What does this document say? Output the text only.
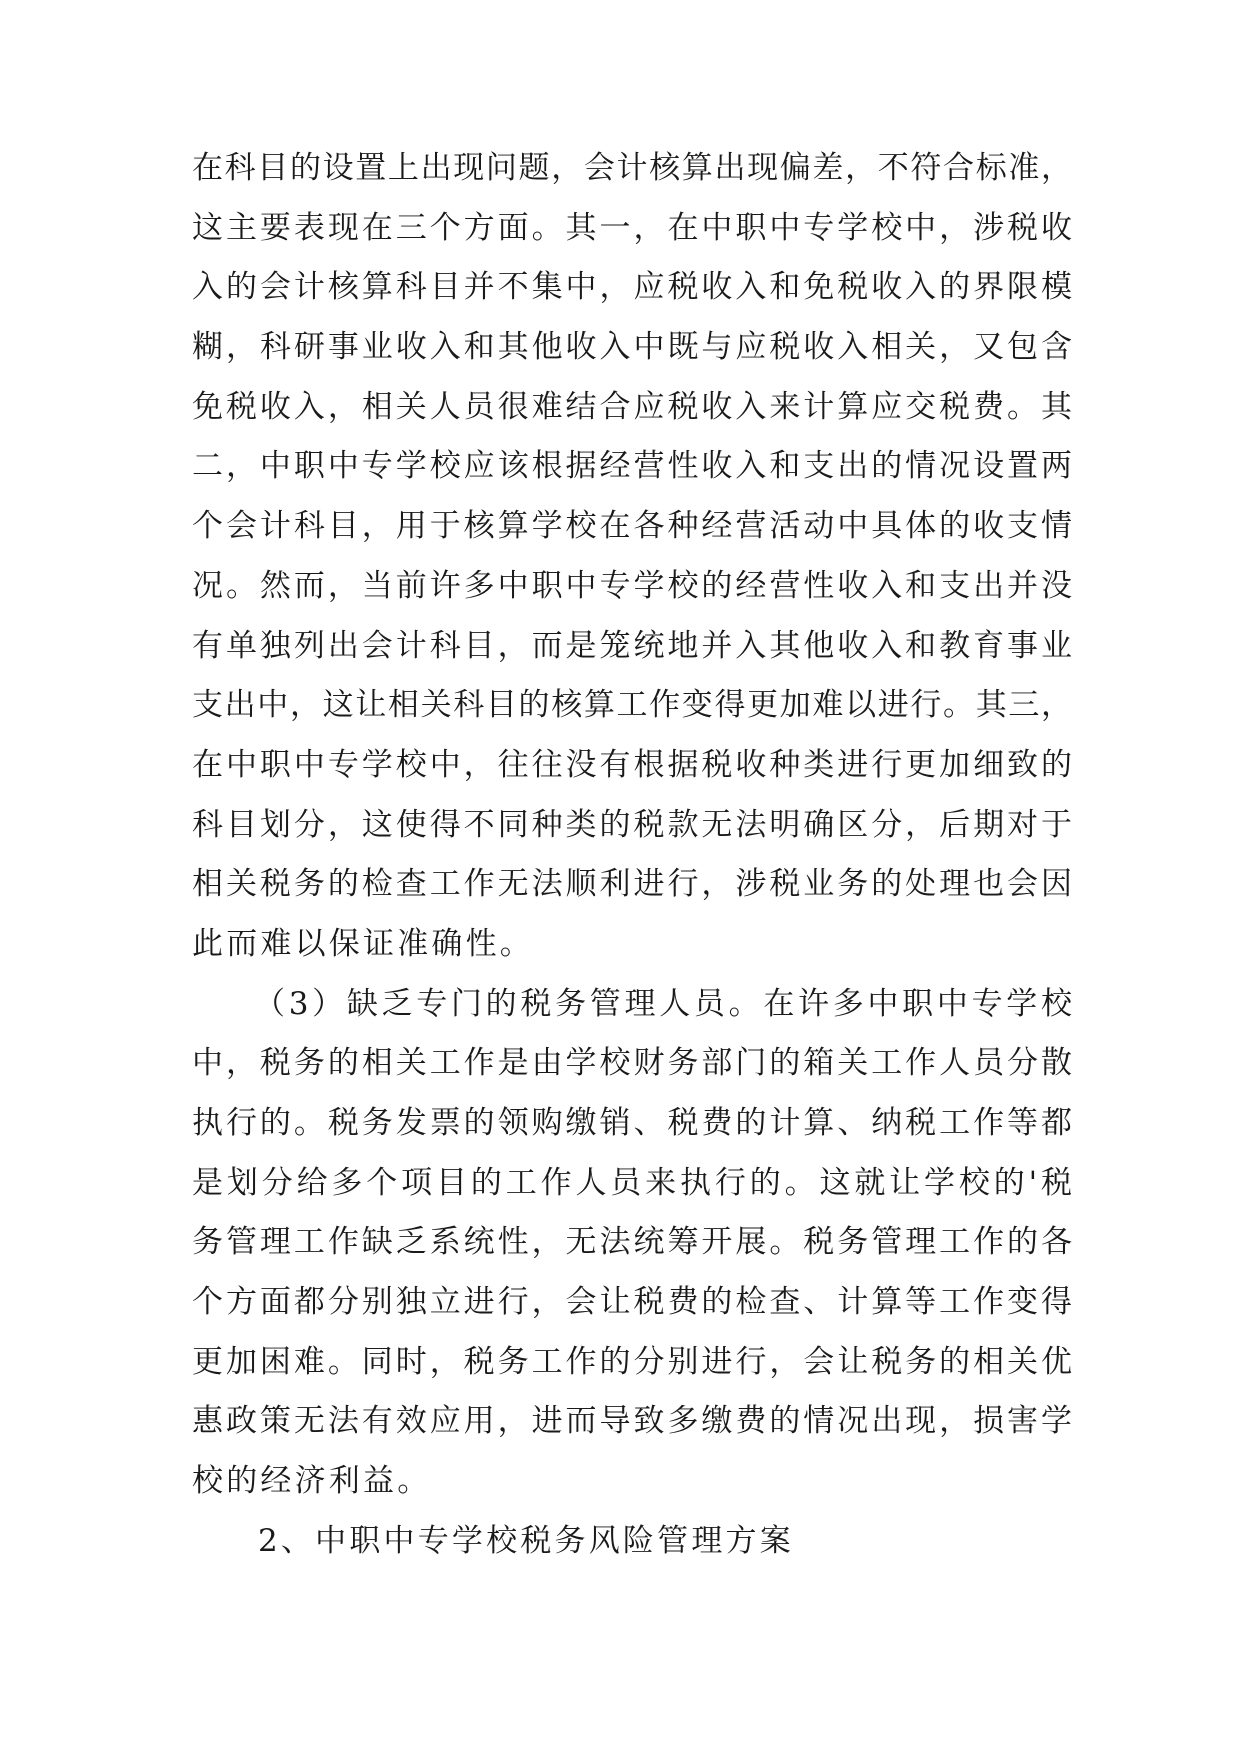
在科目的设置上出现问题，会计核算出现偏差，不符合标准，
这主要表现在三个方面。其一，在中职中专学校中，涉税收
入的会计核算科目并不集中，应税收入和免税收入的界限模
糊，科研事业收入和其他收入中既与应税收入相关，又包含
免税收入，相关人员很难结合应税收入来计算应交税费。其
二，中职中专学校应该根据经营性收入和支出的情况设置两
个会计科目，用于核算学校在各种经营活动中具体的收支情
况。然而，当前许多中职中专学校的经营性收入和支出并没
有单独列出会计科目，而是笼统地并入其他收入和教育事业
支出中，这让相关科目的核算工作变得更加难以进行。其三，
在中职中专学校中，往往没有根据税收种类进行更加细致的
科目划分，这使得不同种类的税款无法明确区分，后期对于
相关税务的检查工作无法顺利进行，涉税业务的处理也会因
此而难以保证准确性。
（3）缺乏专门的税务管理人员。在许多中职中专学校
中，税务的相关工作是由学校财务部门的箱关工作人员分散
执行的。税务发票的领购缴销、税费的计算、纳税工作等都
是划分给多个项目的工作人员来执行的。这就让学校的'税
务管理工作缺乏系统性，无法统筹开展。税务管理工作的各
个方面都分别独立进行，会让税费的检查、计算等工作变得
更加困难。同时，税务工作的分别进行，会让税务的相关优
惠政策无法有效应用，进而导致多缴费的情况出现，损害学
校的经济利益。
2、中职中专学校税务风险管理方案
